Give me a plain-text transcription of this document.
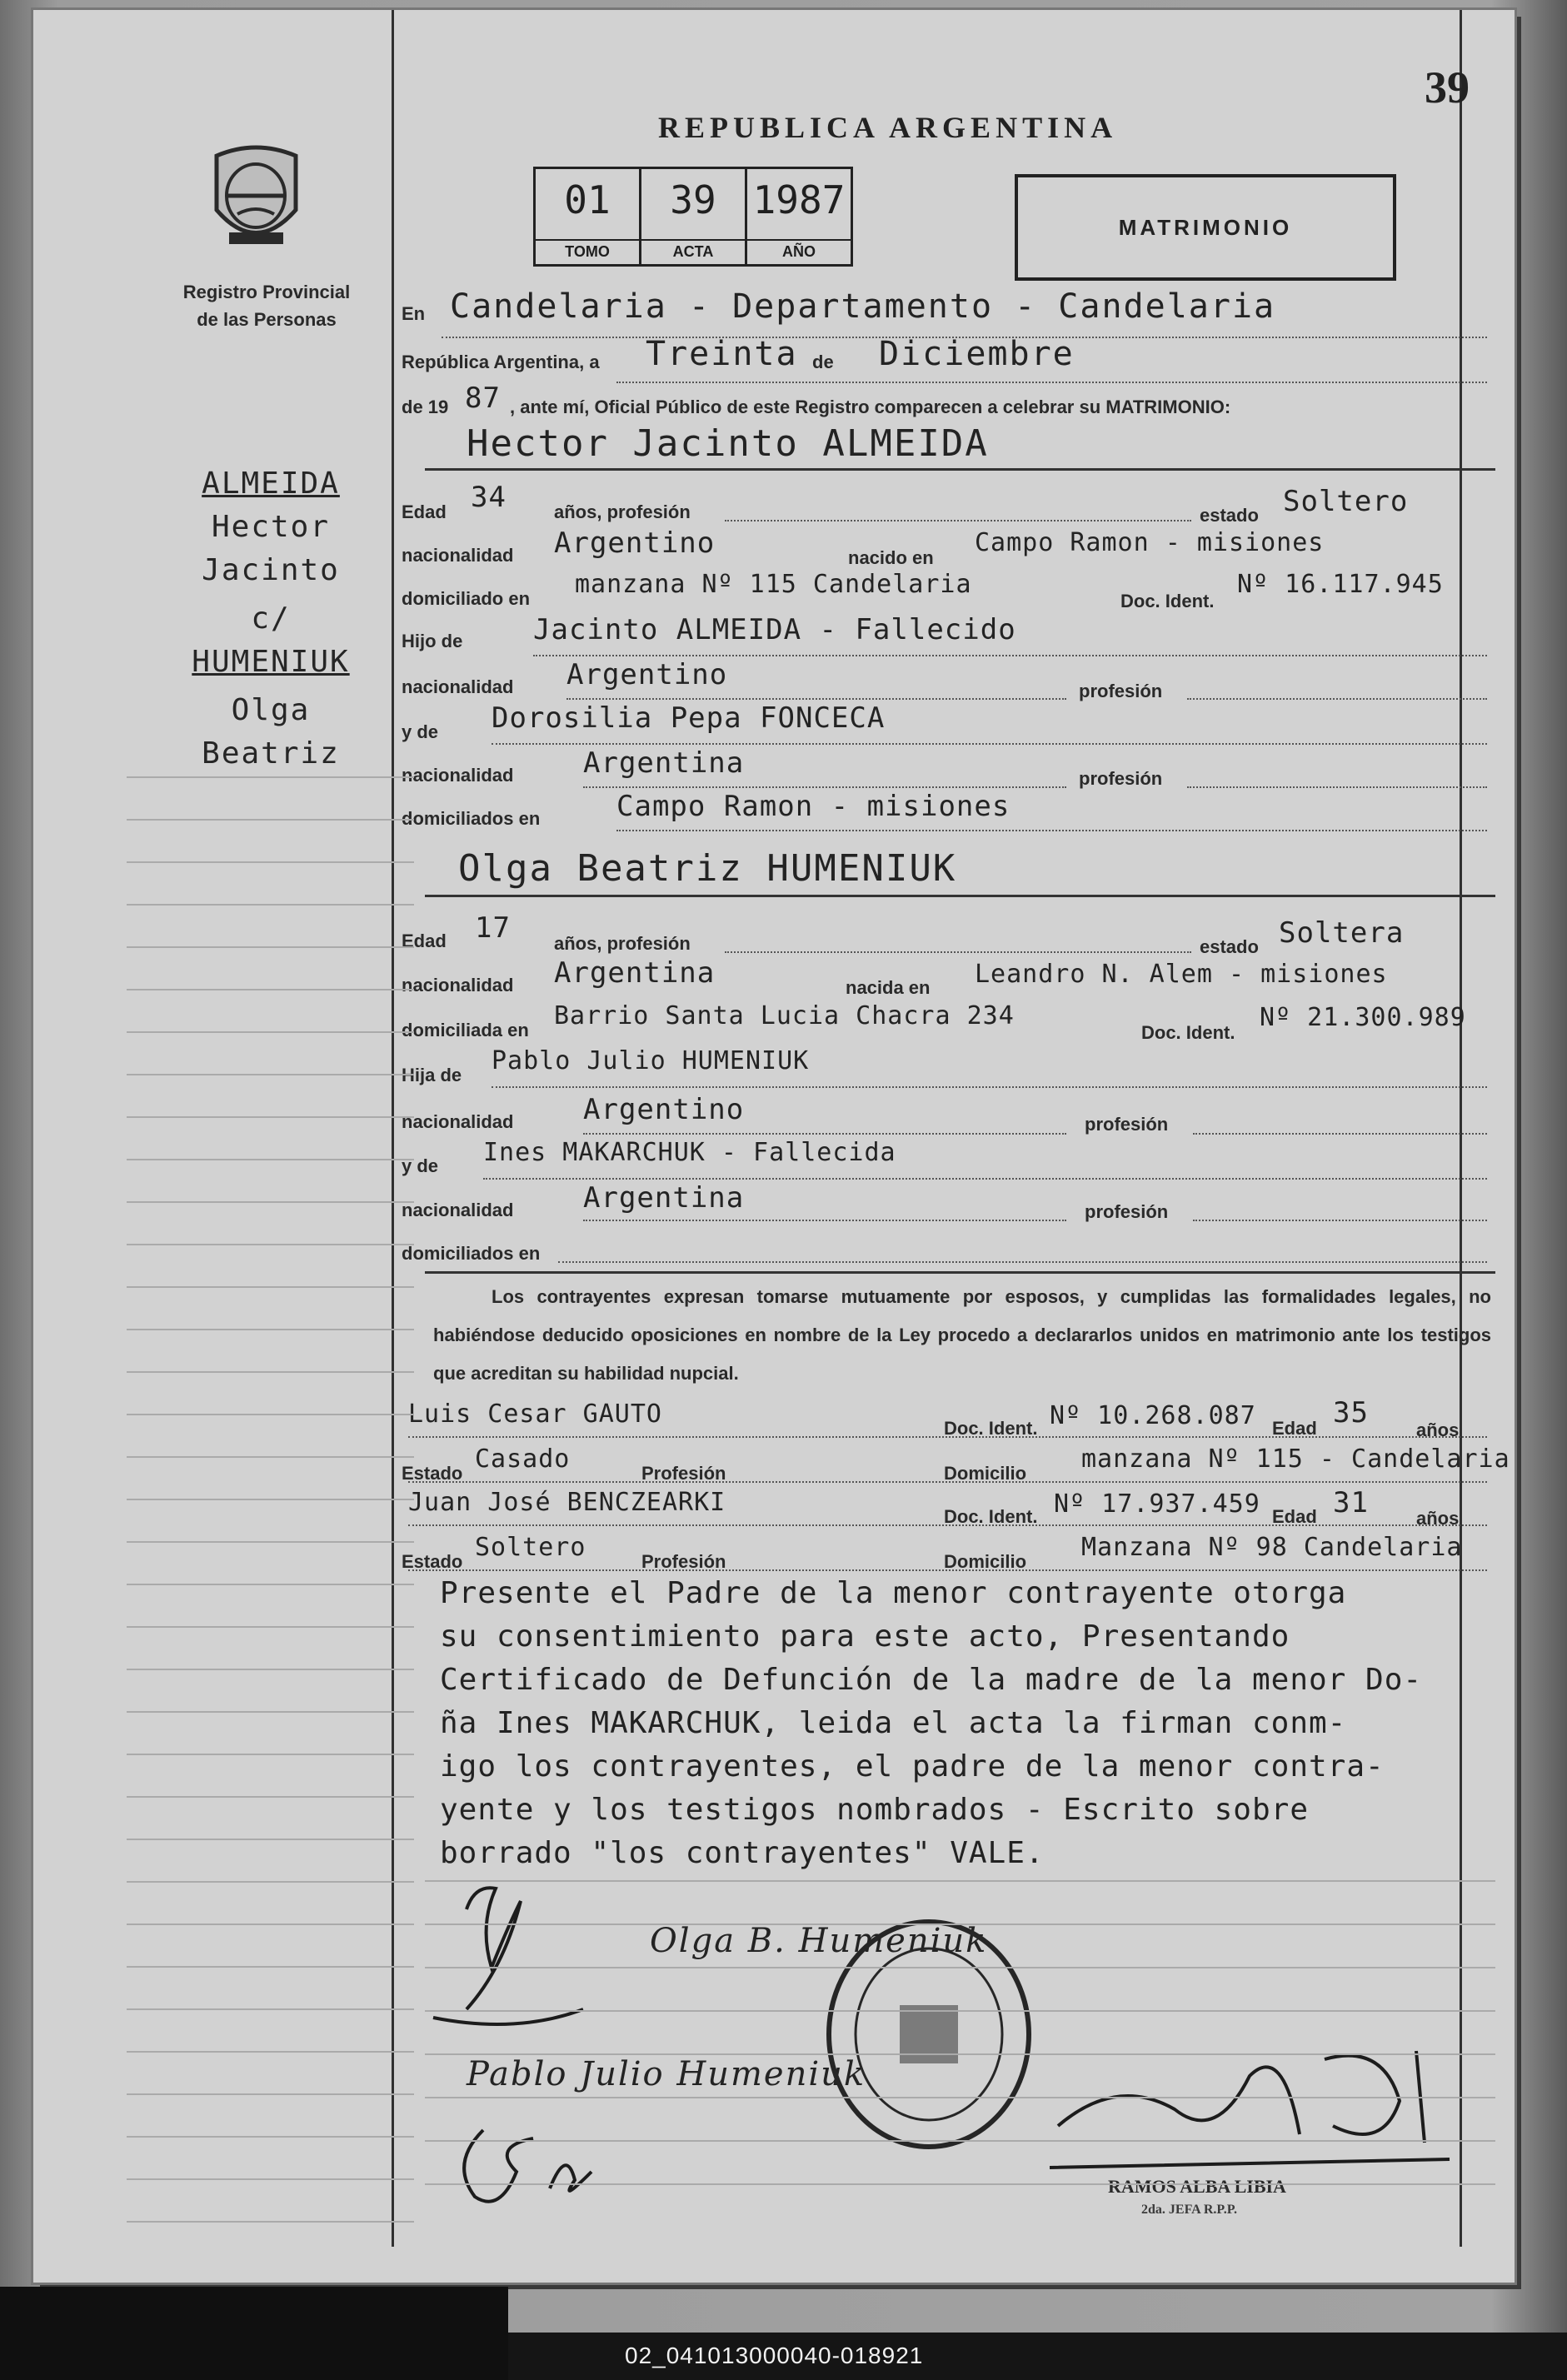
Registro Provincial
de las Personas
ALMEIDA
Hector
Jacinto
c/
HUMENIUK
Olga
Beatriz
39
REPUBLICA ARGENTINA
01
TOMO
39
ACTA
1987
AÑO
MATRIMONIO
En Candelaria - Departamento - Candelaria
República Argentina, a Treinta de Diciembre
de 19 87 , ante mí, Oficial Público de este Registro comparecen a celebrar su MATRIMONIO:
Hector Jacinto ALMEIDA
Edad 34	años, profesión	estado Soltero
nacionalidad Argentino	nacido en
Campo Ramon - misiones
domiciliado en manzana Nº 115 Candelaria
Doc. Ident.
Nº 16.117.945
Hijo de Jacinto ALMEIDA - Fallecido
nacionalidad Argentino	profesión
y de Dorosilia Pepa FONCECA
nacionalidad Argentina	profesión
domiciliados en	Campo Ramon - misiones
Olga Beatriz HUMENIUK
Edad 17 años, profesión	estado Soltera
nacionalidad Argentina	nacida en Leandro N. Alem - misiones
domiciliada en Barrio Santa Lucia Chacra 234
Doc. Ident.
Nº 21.300.989
Hija de Pablo Julio HUMENIUK
nacionalidad Argentino	profesión
y de Ines MAKARCHUK - Fallecida
nacionalidad Argentina	profesión
domiciliados en
Los contrayentes expresan tomarse mutuamente por esposos, y cumplidas las formalidades legales, no habiéndose deducido oposiciones en nombre de la Ley procedo a declararlos unidos en matrimonio ante los testigos que acreditan su habilidad nupcial.
Luis Cesar GAUTO	Doc. Ident. Nº 10.268.087 Edad 35
años
Estado Casado	Profesión	Domicilio manzana Nº 115 - Candelaria
Juan José BENCZEARKI	Doc. Ident. Nº 17.937.459 Edad 31	años
Estado Soltero	Profesión	Domicilio Manzana Nº 98 Candelaria
Presente el Padre de la menor contrayente otorga
su consentimiento para este acto, Presentando
Certificado de Defunción de la madre de la menor Do-
ña Ines MAKARCHUK, leida el acta la firman conm-
igo los contrayentes, el padre de la menor contra-
yente y los testigos nombrados - Escrito sobre
borrado "los contrayentes" VALE.
Olga B. Humeniuk
Pablo Julio Humeniuk
RAMOS ALBA LIBIA
2da. JEFA R.P.P.
02_041013000040-018921
